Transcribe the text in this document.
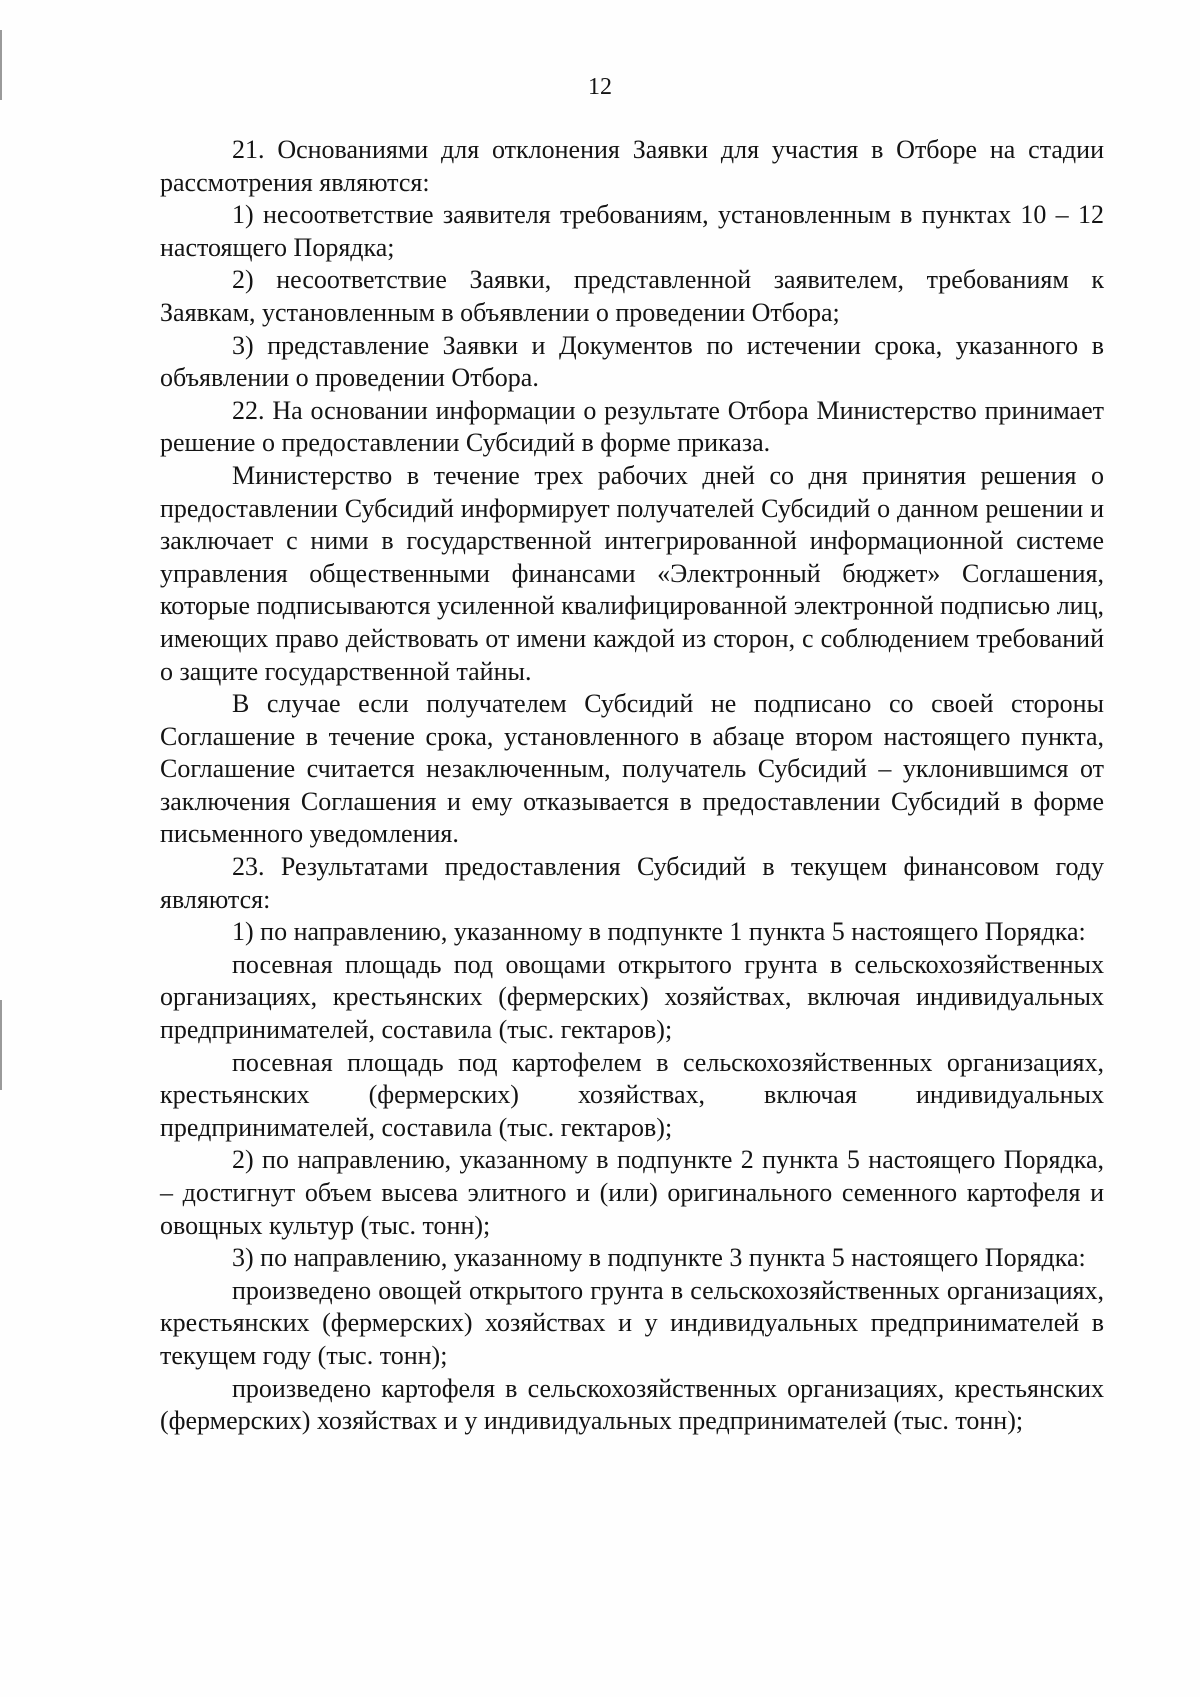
12

21. Основаниями для отклонения Заявки для участия в Отборе на стадии рассмотрения являются:

1) несоответствие заявителя требованиям, установленным в пунктах 10 – 12 настоящего Порядка;

2) несоответствие Заявки, представленной заявителем, требованиям к Заявкам, установленным в объявлении о проведении Отбора;

3) представление Заявки и Документов по истечении срока, указанного в объявлении о проведении Отбора.

22. На основании информации о результате Отбора Министерство принимает решение о предоставлении Субсидий в форме приказа.

Министерство в течение трех рабочих дней со дня принятия решения о предоставлении Субсидий информирует получателей Субсидий о данном решении и заключает с ними в государственной интегрированной информационной системе управления общественными финансами «Электронный бюджет» Соглашения, которые подписываются усиленной квалифицированной электронной подписью лиц, имеющих право действовать от имени каждой из сторон, с соблюдением требований о защите государственной тайны.

В случае если получателем Субсидий не подписано со своей стороны Соглашение в течение срока, установленного в абзаце втором настоящего пункта, Соглашение считается незаключенным, получатель Субсидий – уклонившимся от заключения Соглашения и ему отказывается в предоставлении Субсидий в форме письменного уведомления.

23. Результатами предоставления Субсидий в текущем финансовом году являются:

1) по направлению, указанному в подпункте 1 пункта 5 настоящего Порядка:

посевная площадь под овощами открытого грунта в сельскохозяйственных организациях, крестьянских (фермерских) хозяйствах, включая индивидуальных предпринимателей, составила (тыс. гектаров);

посевная площадь под картофелем в сельскохозяйственных организациях, крестьянских (фермерских) хозяйствах, включая индивидуальных предпринимателей, составила (тыс. гектаров);

2) по направлению, указанному в подпункте 2 пункта 5 настоящего Порядка, – достигнут объем высева элитного и (или) оригинального семенного картофеля и овощных культур (тыс. тонн);

3) по направлению, указанному в подпункте 3 пункта 5 настоящего Порядка:

произведено овощей открытого грунта в сельскохозяйственных организациях, крестьянских (фермерских) хозяйствах и у индивидуальных предпринимателей в текущем году (тыс. тонн);

произведено картофеля в сельскохозяйственных организациях, крестьянских (фермерских) хозяйствах и у индивидуальных предпринимателей (тыс. тонн);
